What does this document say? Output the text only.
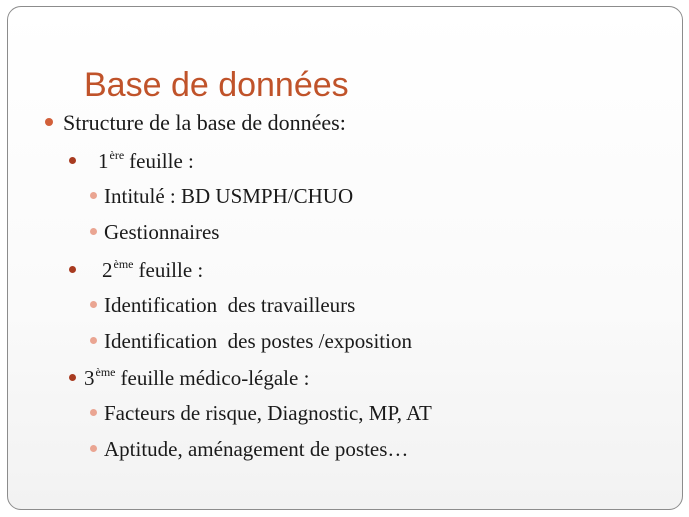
Base de données
Structure de la base de données:
1ère feuille :
Intitulé : BD USMPH/CHUO
Gestionnaires
2ème feuille :
Identification  des travailleurs
Identification  des postes /exposition
3ème feuille médico-légale :
Facteurs de risque, Diagnostic, MP, AT
Aptitude, aménagement de postes…
